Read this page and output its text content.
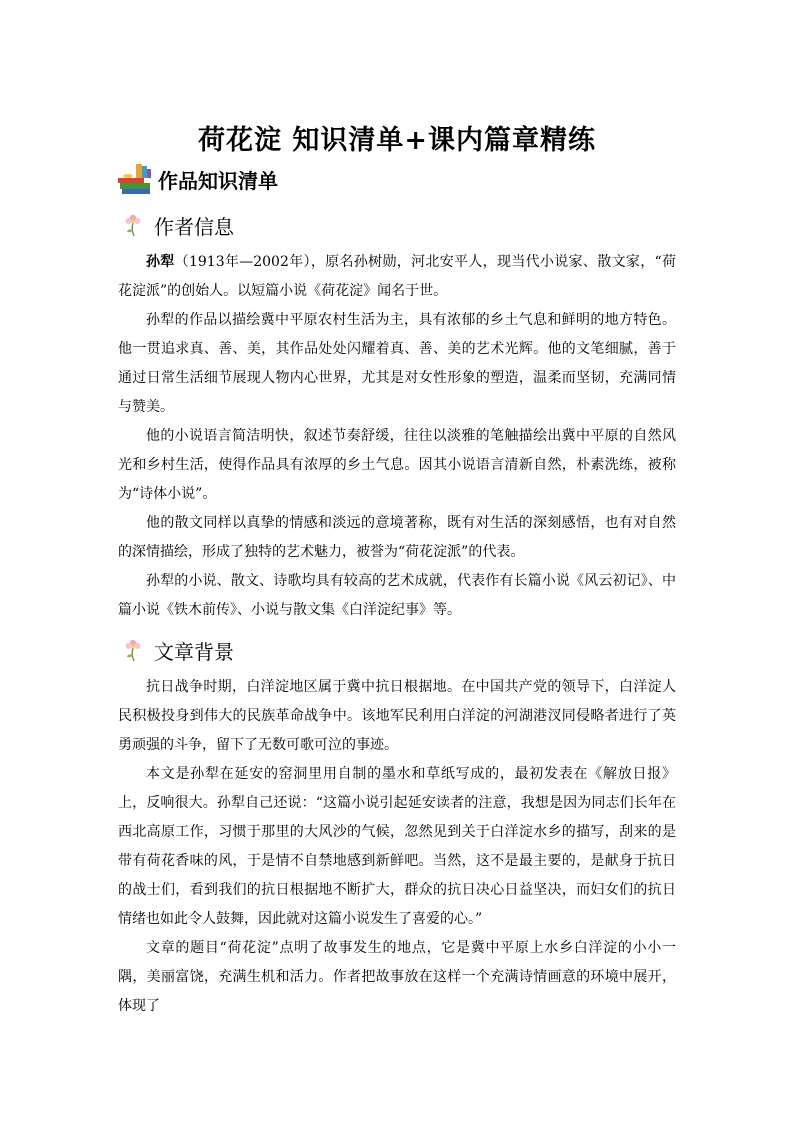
荷花淀 知识清单+课内篇章精练
作品知识清单
作者信息

孙犁（1913年—2002年），原名孙树勋，河北安平人，现当代小说家、散文家，“荷花淀派”的创始人。以短篇小说《荷花淀》闻名于世。

孙犁的作品以描绘冀中平原农村生活为主，具有浓郁的乡土气息和鲜明的地方特色。他一贯追求真、善、美，其作品处处闪耀着真、善、美的艺术光辉。他的文笔细腻，善于通过日常生活细节展现人物内心世界，尤其是对女性形象的塑造，温柔而坚韧，充满同情与赞美。

他的小说语言简洁明快，叙述节奏舒缓，往往以淡雅的笔触描绘出冀中平原的自然风光和乡村生活，使得作品具有浓厚的乡土气息。因其小说语言清新自然，朴素洗练，被称为“诗体小说”。

他的散文同样以真挚的情感和淡远的意境著称，既有对生活的深刻感悟，也有对自然的深情描绘，形成了独特的艺术魅力，被誉为“荷花淀派”的代表。

孙犁的小说、散文、诗歌均具有较高的艺术成就，代表作有长篇小说《风云初记》、中篇小说《铁木前传》、小说与散文集《白洋淀纪事》等。

文章背景

抗日战争时期，白洋淀地区属于冀中抗日根据地。在中国共产党的领导下，白洋淀人民积极投身到伟大的民族革命战争中。该地军民利用白洋淀的河湖港汊同侵略者进行了英勇顽强的斗争，留下了无数可歌可泣的事迹。

本文是孙犁在延安的窑洞里用自制的墨水和草纸写成的，最初发表在《解放日报》上，反响很大。孙犁自己还说：“这篇小说引起延安读者的注意，我想是因为同志们长年在西北高原工作，习惯于那里的大风沙的气候，忽然见到关于白洋淀水乡的描写，刮来的是带有荷花香味的风，于是情不自禁地感到新鲜吧。当然，这不是最主要的，是献身于抗日的战士们，看到我们的抗日根据地不断扩大，群众的抗日决心日益坚决，而妇女们的抗日情绪也如此令人鼓舞，因此就对这篇小说发生了喜爱的心。”

文章的题目“荷花淀”点明了故事发生的地点，它是冀中平原上水乡白洋淀的小小一隅，美丽富饶，充满生机和活力。作者把故事放在这样一个充满诗情画意的环境中展开，体现了
